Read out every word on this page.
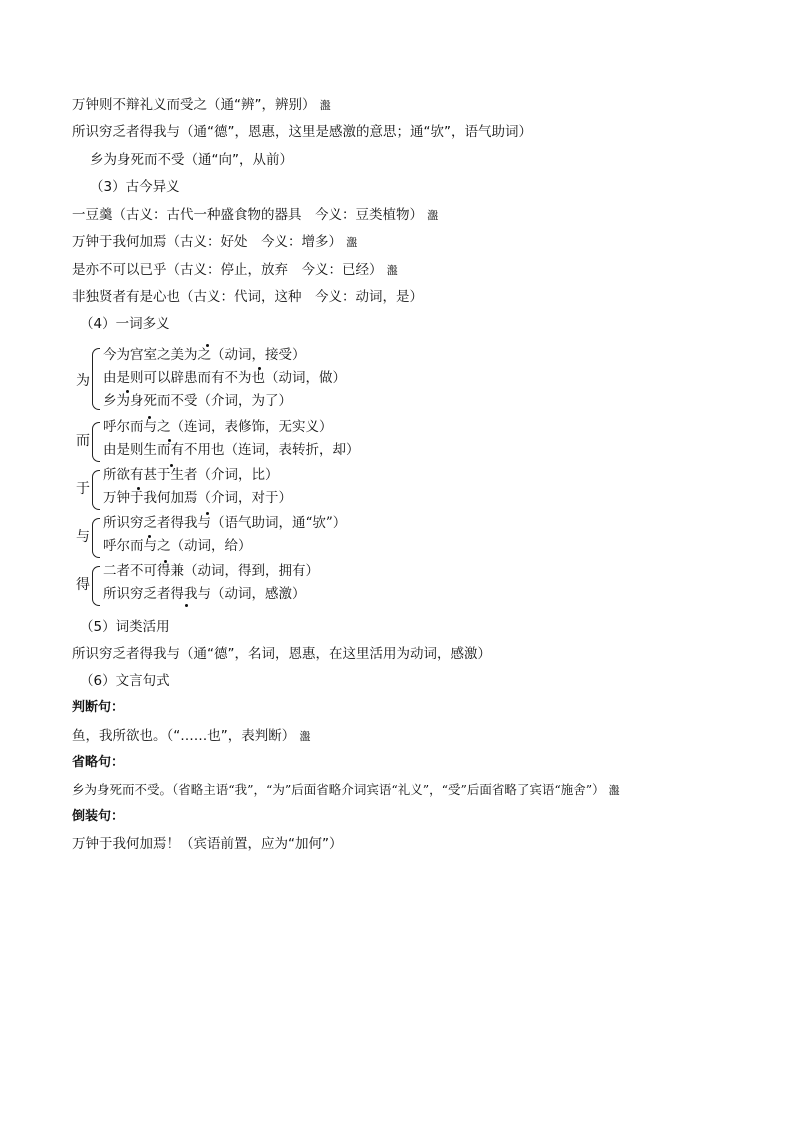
万钟则不辩礼义而受之（通“辨”，辨别） 瀊
所识穷乏者得我与（通“德”，恩惠，这里是感激的意思；通“欤”，语气助词）
乡为身死而不受（通“向”，从前）
（3）古今异义
一豆羹（古义：古代一种盛食物的器具　今义：豆类植物） 瀊
万钟于我何加焉（古义：好处　今义：增多） 瀊
是亦不可以已乎（古义：停止，放弃　今义：已经） 瀊
非独贤者有是心也（古义：代词，这种　今义：动词，是）
（4）一词多义
为
今为宫室之美为之（动词，接受）
由是则可以辟患而有不为也（动词，做）
乡为身死而不受（介词，为了）
而
呼尔而与之（连词，表修饰，无实义）
由是则生而有不用也（连词，表转折，却）
于
所欲有甚于生者（介词，比）
万钟于我何加焉（介词，对于）
与
所识穷乏者得我与（语气助词，通“欤”）
呼尔而与之（动词，给）
得
二者不可得兼（动词，得到，拥有）
所识穷乏者得我与（动词，感激）
（5）词类活用
所识穷乏者得我与（通“德”，名词，恩惠，在这里活用为动词，感激）
（6）文言句式
判断句：
鱼，我所欲也。（“……也”，表判断） 瀊
省略句：
乡为身死而不受。（省略主语“我”，“为”后面省略介词宾语“礼义”，“受”后面省略了宾语“施舍”） 瀊
倒装句：
万钟于我何加焉！（宾语前置，应为“加何”）
